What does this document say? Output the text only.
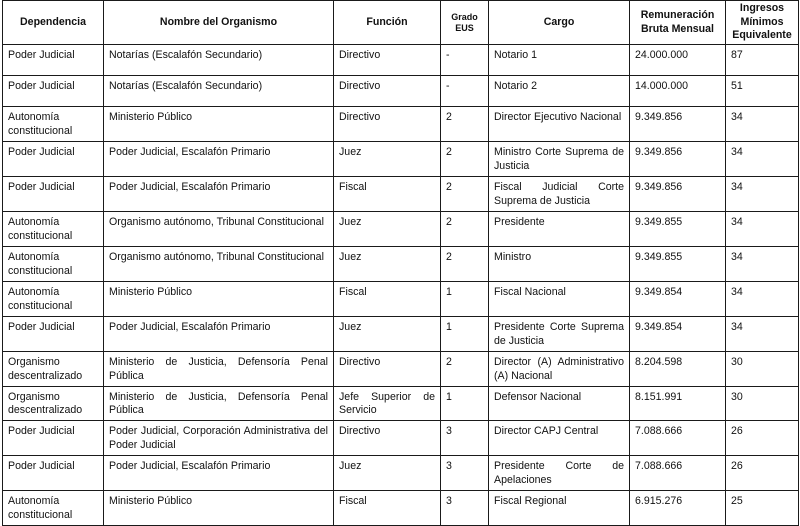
Dependencia	Nombre del Organismo	Función	Grado EUS	Cargo	Remuneración Bruta Mensual	Ingresos Mínimos Equivalente
Poder Judicial	Notarías (Escalafón Secundario)	Directivo	-	Notario 1	24.000.000	87
Poder Judicial	Notarías (Escalafón Secundario)	Directivo	-	Notario 2	14.000.000	51
Autonomía constitucional	Ministerio Público	Directivo	2	Director Ejecutivo Nacional	9.349.856	34
Poder Judicial	Poder Judicial, Escalafón Primario	Juez	2	Ministro Corte Suprema de Justicia	9.349.856	34
Poder Judicial	Poder Judicial, Escalafón Primario	Fiscal	2	Fiscal Judicial Corte Suprema de Justicia	9.349.856	34
Autonomía constitucional	Organismo autónomo, Tribunal Constitucional	Juez	2	Presidente	9.349.855	34
Autonomía constitucional	Organismo autónomo, Tribunal Constitucional	Juez	2	Ministro	9.349.855	34
Autonomía constitucional	Ministerio Público	Fiscal	1	Fiscal Nacional	9.349.854	34
Poder Judicial	Poder Judicial, Escalafón Primario	Juez	1	Presidente Corte Suprema de Justicia	9.349.854	34
Organismo descentralizado	Ministerio de Justicia, Defensoría Penal Pública	Directivo	2	Director (A) Administrativo (A) Nacional	8.204.598	30
Organismo descentralizado	Ministerio de Justicia, Defensoría Penal Pública	Jefe Superior de Servicio	1	Defensor Nacional	8.151.991	30
Poder Judicial	Poder Judicial, Corporación Administrativa del Poder Judicial	Directivo	3	Director CAPJ Central	7.088.666	26
Poder Judicial	Poder Judicial, Escalafón Primario	Juez	3	Presidente Corte de Apelaciones	7.088.666	26
Autonomía constitucional	Ministerio Público	Fiscal	3	Fiscal Regional	6.915.276	25
